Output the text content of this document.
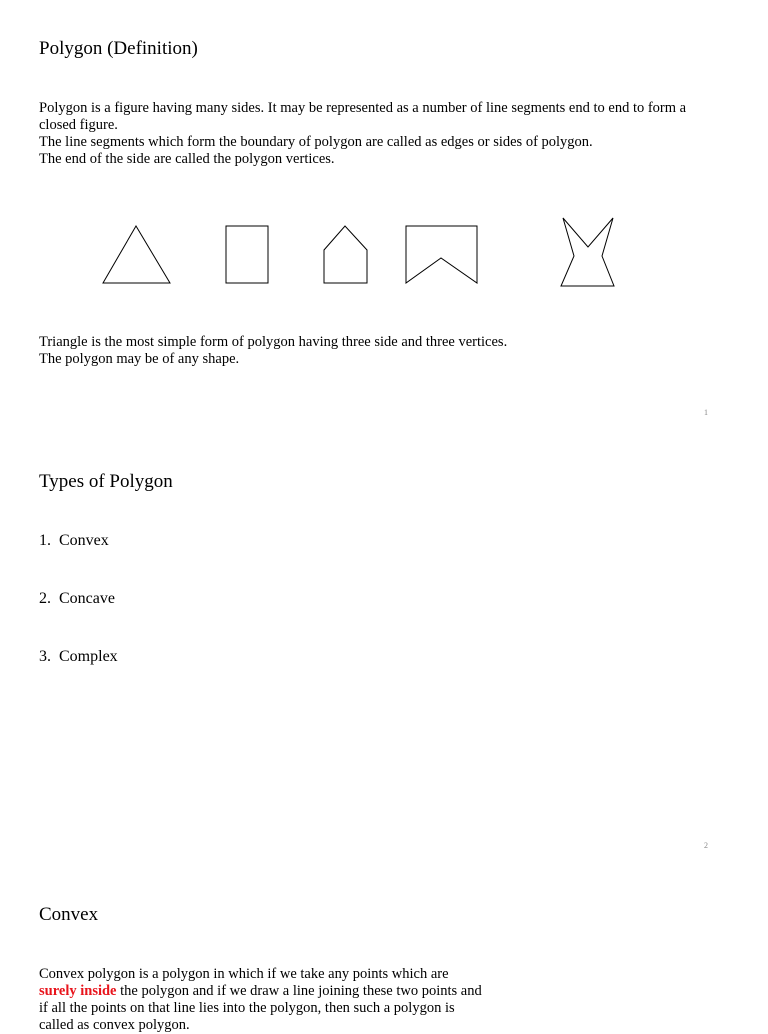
Polygon (Definition)
Polygon is a figure having many sides. It may be represented as a number of line segments end to end to form a
closed figure.
The line segments which form the boundary of polygon are called as edges or sides of polygon.
The end of the side are called the polygon vertices.
Triangle is the most simple form of polygon having three side and three vertices.
The polygon may be of any shape.
1
Types of Polygon
1. Convex
2. Concave
3. Complex
2
Convex
Convex polygon is a polygon in which if we take any points which are
surely inside the polygon and if we draw a line joining these two points and
if all the points on that line lies into the polygon, then such a polygon is
called as convex polygon.
